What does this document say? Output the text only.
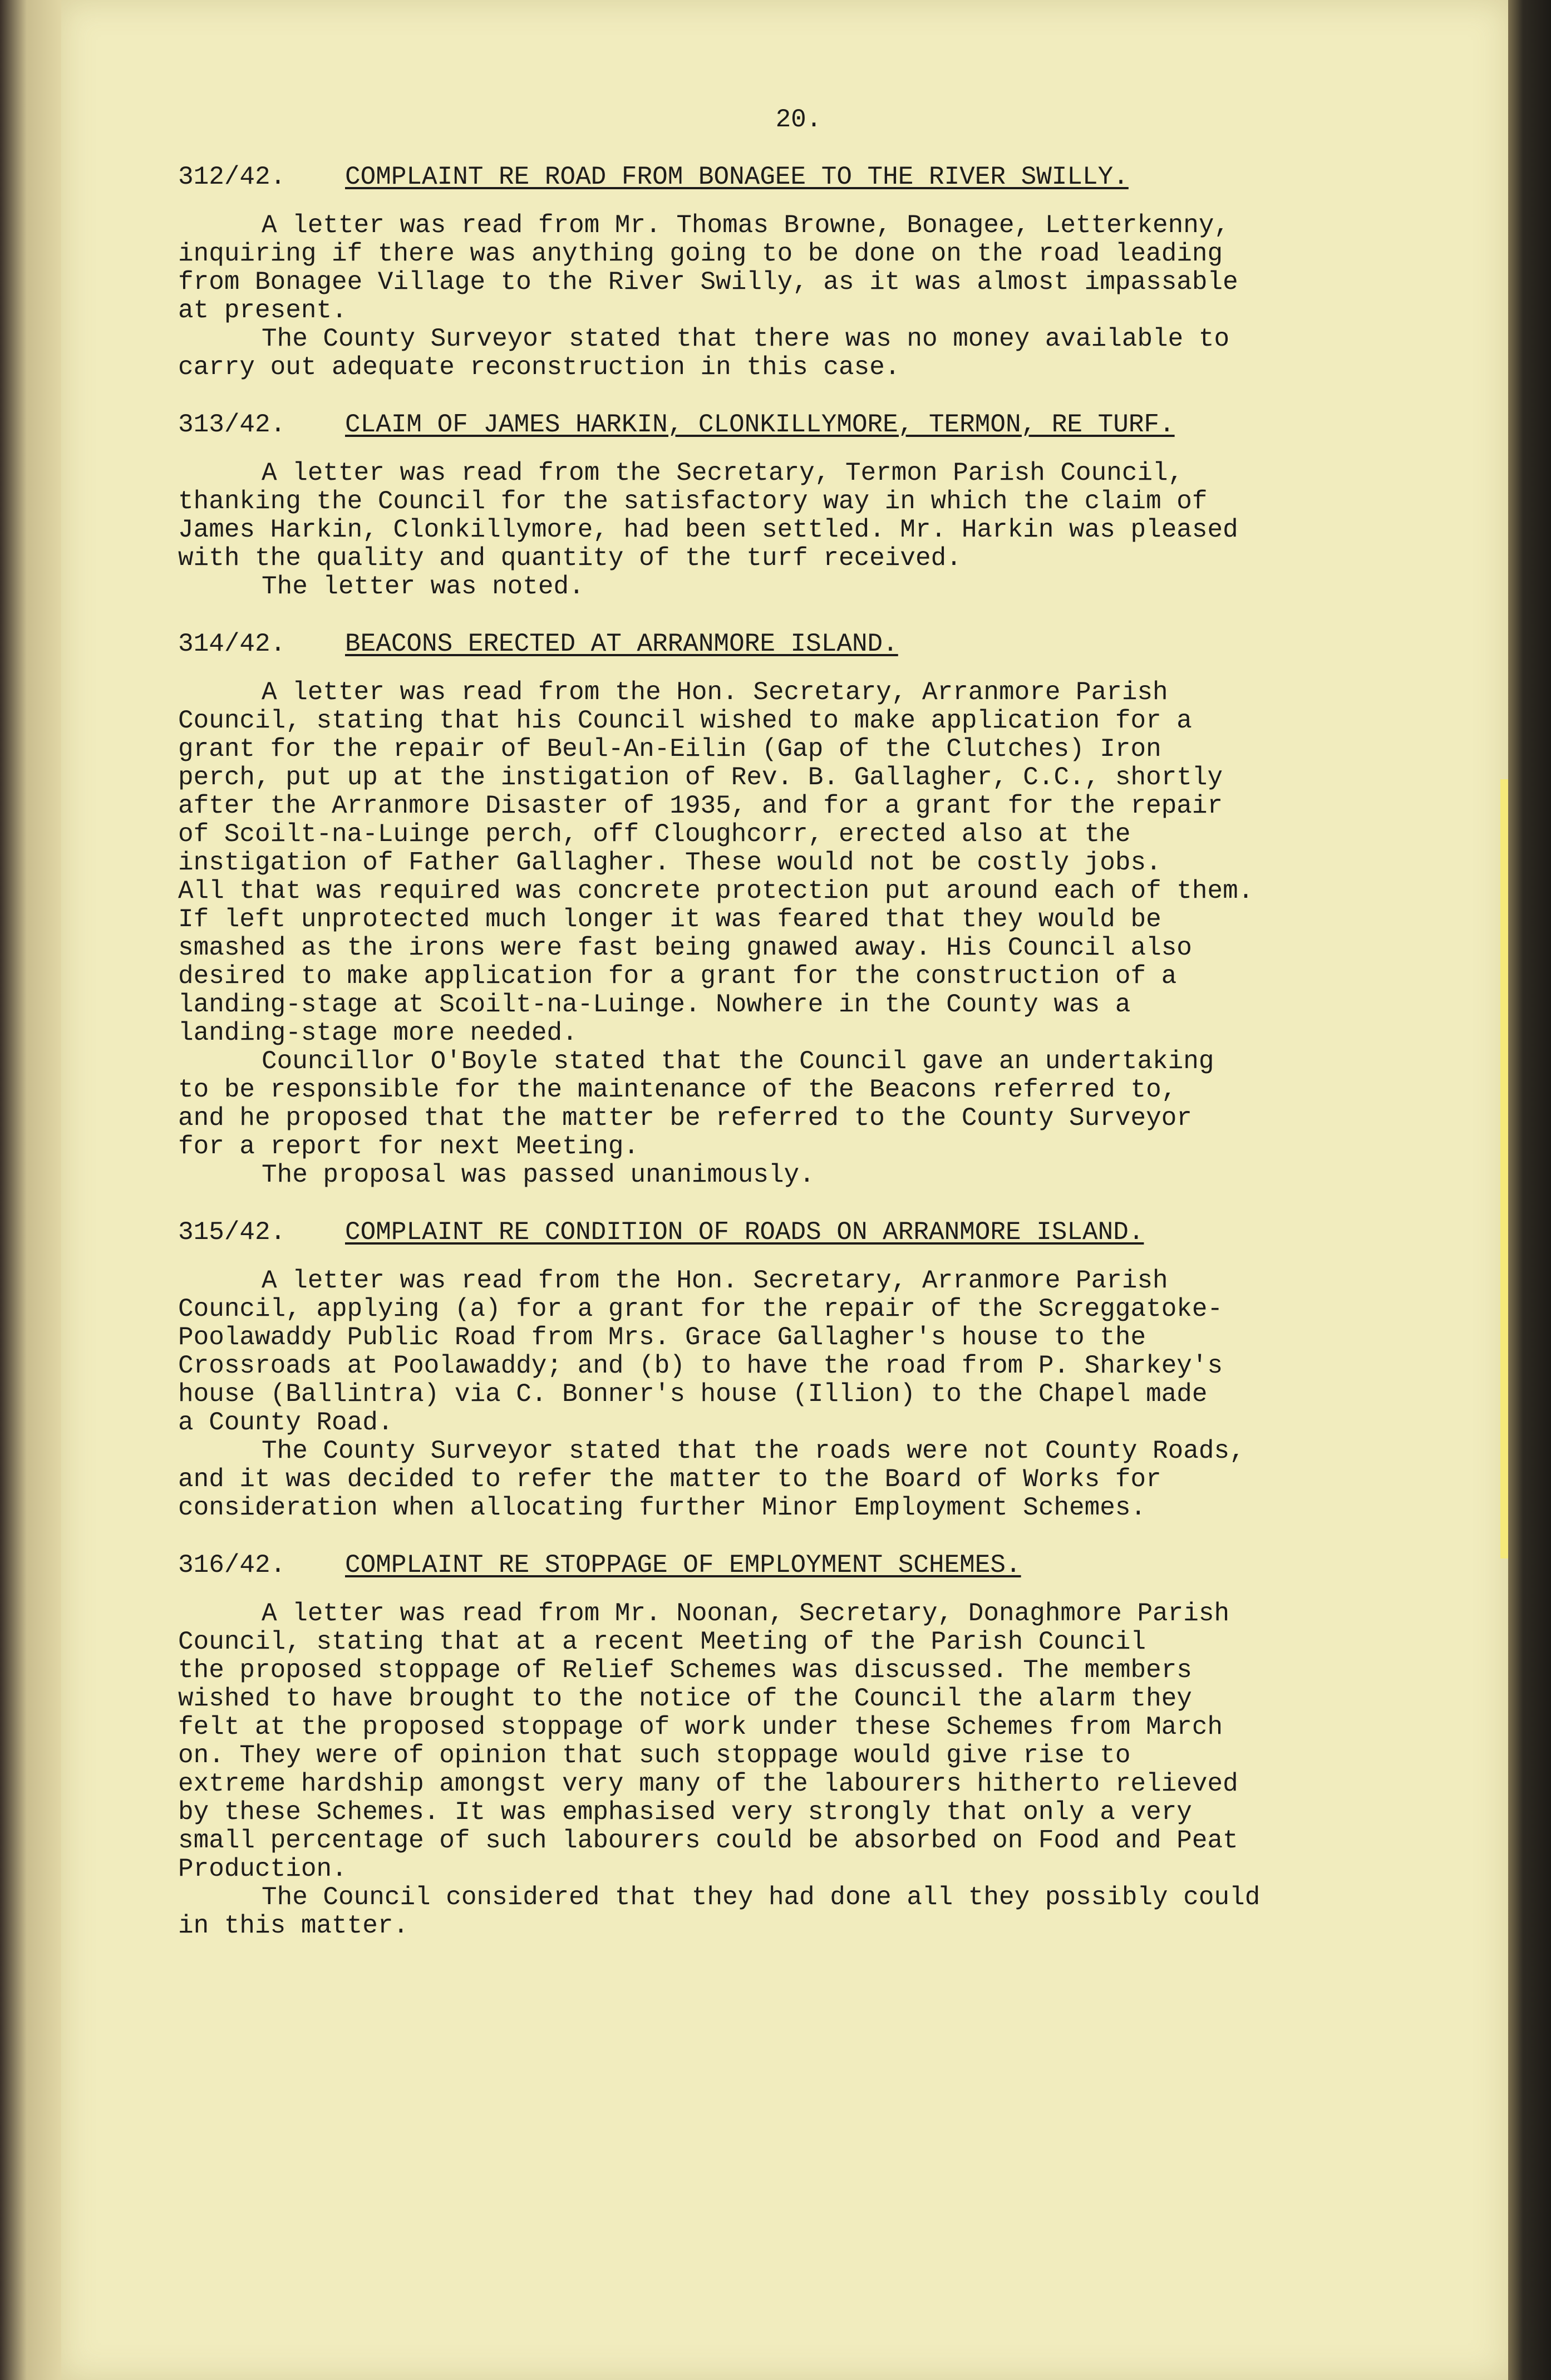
20.
312/42.	COMPLAINT RE ROAD FROM BONAGEE TO THE RIVER SWILLY.

A letter was read from Mr. Thomas Browne, Bonagee, Letterkenny,
inquiring if there was anything going to be done on the road leading
from Bonagee Village to the River Swilly, as it was almost impassable
at present.

The County Surveyor stated that there was no money available to
carry out adequate reconstruction in this case.

313/42.	CLAIM OF JAMES HARKIN, CLONKILLYMORE, TERMON, RE TURF.

A letter was read from the Secretary, Termon Parish Council,
thanking the Council for the satisfactory way in which the claim of
James Harkin, Clonkillymore, had been settled. Mr. Harkin was pleased
with the quality and quantity of the turf received.

The letter was noted.

314/42.	BEACONS ERECTED AT ARRANMORE ISLAND.

A letter was read from the Hon. Secretary, Arranmore Parish
Council, stating that his Council wished to make application for a
grant for the repair of Beul-An-Eilin (Gap of the Clutches) Iron
perch, put up at the instigation of Rev. B. Gallagher, C.C., shortly
after the Arranmore Disaster of 1935, and for a grant for the repair
of Scoilt-na-Luinge perch, off Cloughcorr, erected also at the
instigation of Father Gallagher. These would not be costly jobs.
All that was required was concrete protection put around each of them.
If left unprotected much longer it was feared that they would be
smashed as the irons were fast being gnawed away. His Council also
desired to make application for a grant for the construction of a
landing-stage at Scoilt-na-Luinge. Nowhere in the County was a
landing-stage more needed.

Councillor O'Boyle stated that the Council gave an undertaking
to be responsible for the maintenance of the Beacons referred to,
and he proposed that the matter be referred to the County Surveyor
for a report for next Meeting.

The proposal was passed unanimously.

315/42.	COMPLAINT RE CONDITION OF ROADS ON ARRANMORE ISLAND.

A letter was read from the Hon. Secretary, Arranmore Parish
Council, applying (a) for a grant for the repair of the Screggatoke-
Poolawaddy Public Road from Mrs. Grace Gallagher's house to the
Crossroads at Poolawaddy; and (b) to have the road from P. Sharkey's
house (Ballintra) via C. Bonner's house (Illion) to the Chapel made
a County Road.

The County Surveyor stated that the roads were not County Roads,
and it was decided to refer the matter to the Board of Works for
consideration when allocating further Minor Employment Schemes.

316/42.	COMPLAINT RE STOPPAGE OF EMPLOYMENT SCHEMES.

A letter was read from Mr. Noonan, Secretary, Donaghmore Parish
Council, stating that at a recent Meeting of the Parish Council
the proposed stoppage of Relief Schemes was discussed. The members
wished to have brought to the notice of the Council the alarm they
felt at the proposed stoppage of work under these Schemes from March
on. They were of opinion that such stoppage would give rise to
extreme hardship amongst very many of the labourers hitherto relieved
by these Schemes. It was emphasised very strongly that only a very
small percentage of such labourers could be absorbed on Food and Peat
Production.

The Council considered that they had done all they possibly could
in this matter.
